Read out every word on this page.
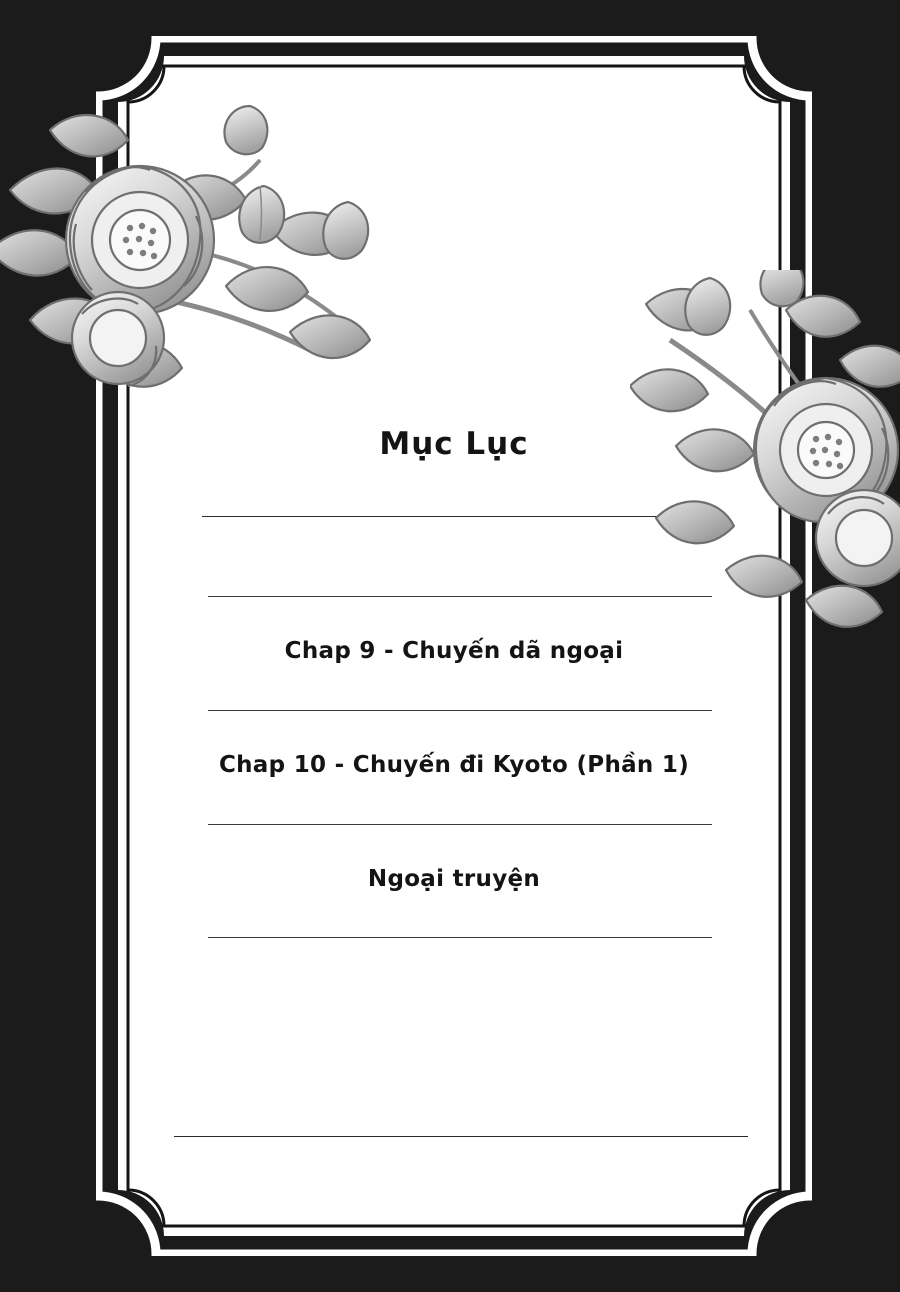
Mục Lục
Chap 9 - Chuyến dã ngoại
Chap 10 - Chuyến đi Kyoto (Phần 1)
Ngoại truyện
